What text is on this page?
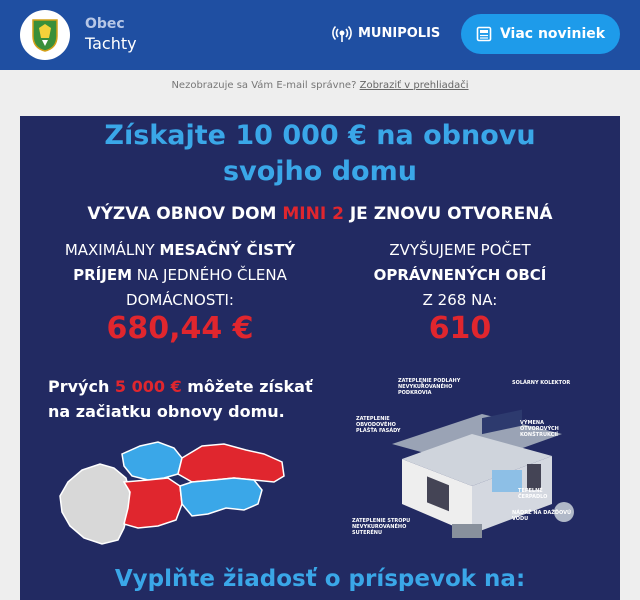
Obec
Tachty
MUNIPOLIS	Viac noviniek
Nezobrazuje sa Vám E-mail správne? Zobraziť v prehliadači
Získajte 10 000 € na obnovu
svojho domu
VÝZVA OBNOV DOM MINI 2 JE ZNOVU OTVORENÁ
MAXIMÁLNY MESAČNÝ ČISTÝ
PRÍJEM NA JEDNÉHO ČLENA
DOMÁCNOSTI:
680,44 €
ZVYŠUJEME POČET
OPRÁVNENÝCH OBCÍ
Z 268 NA:
610
Prvých 5 000 € môžete získať
na začiatku obnovy domu.
ZATEPLENIE PODLAHY NEVYKUROVANÉHO PODKROVIA
SOLÁRNY KOLEKTOR
ZATEPLENIE OBVODOVÉHO PLÁŠŤA FASÁDY
VÝMENA OTVOROVÝCH KONŠTRUKCIÍ
TEPELNÉ ČERPADLO
ZATEPLENIE STROPU NEVYKUROVANÉHO SUTERÉNU
NÁDRŽ NA DAŽĎOVÚ VODU
Vyplňte žiadosť o príspevok na:
